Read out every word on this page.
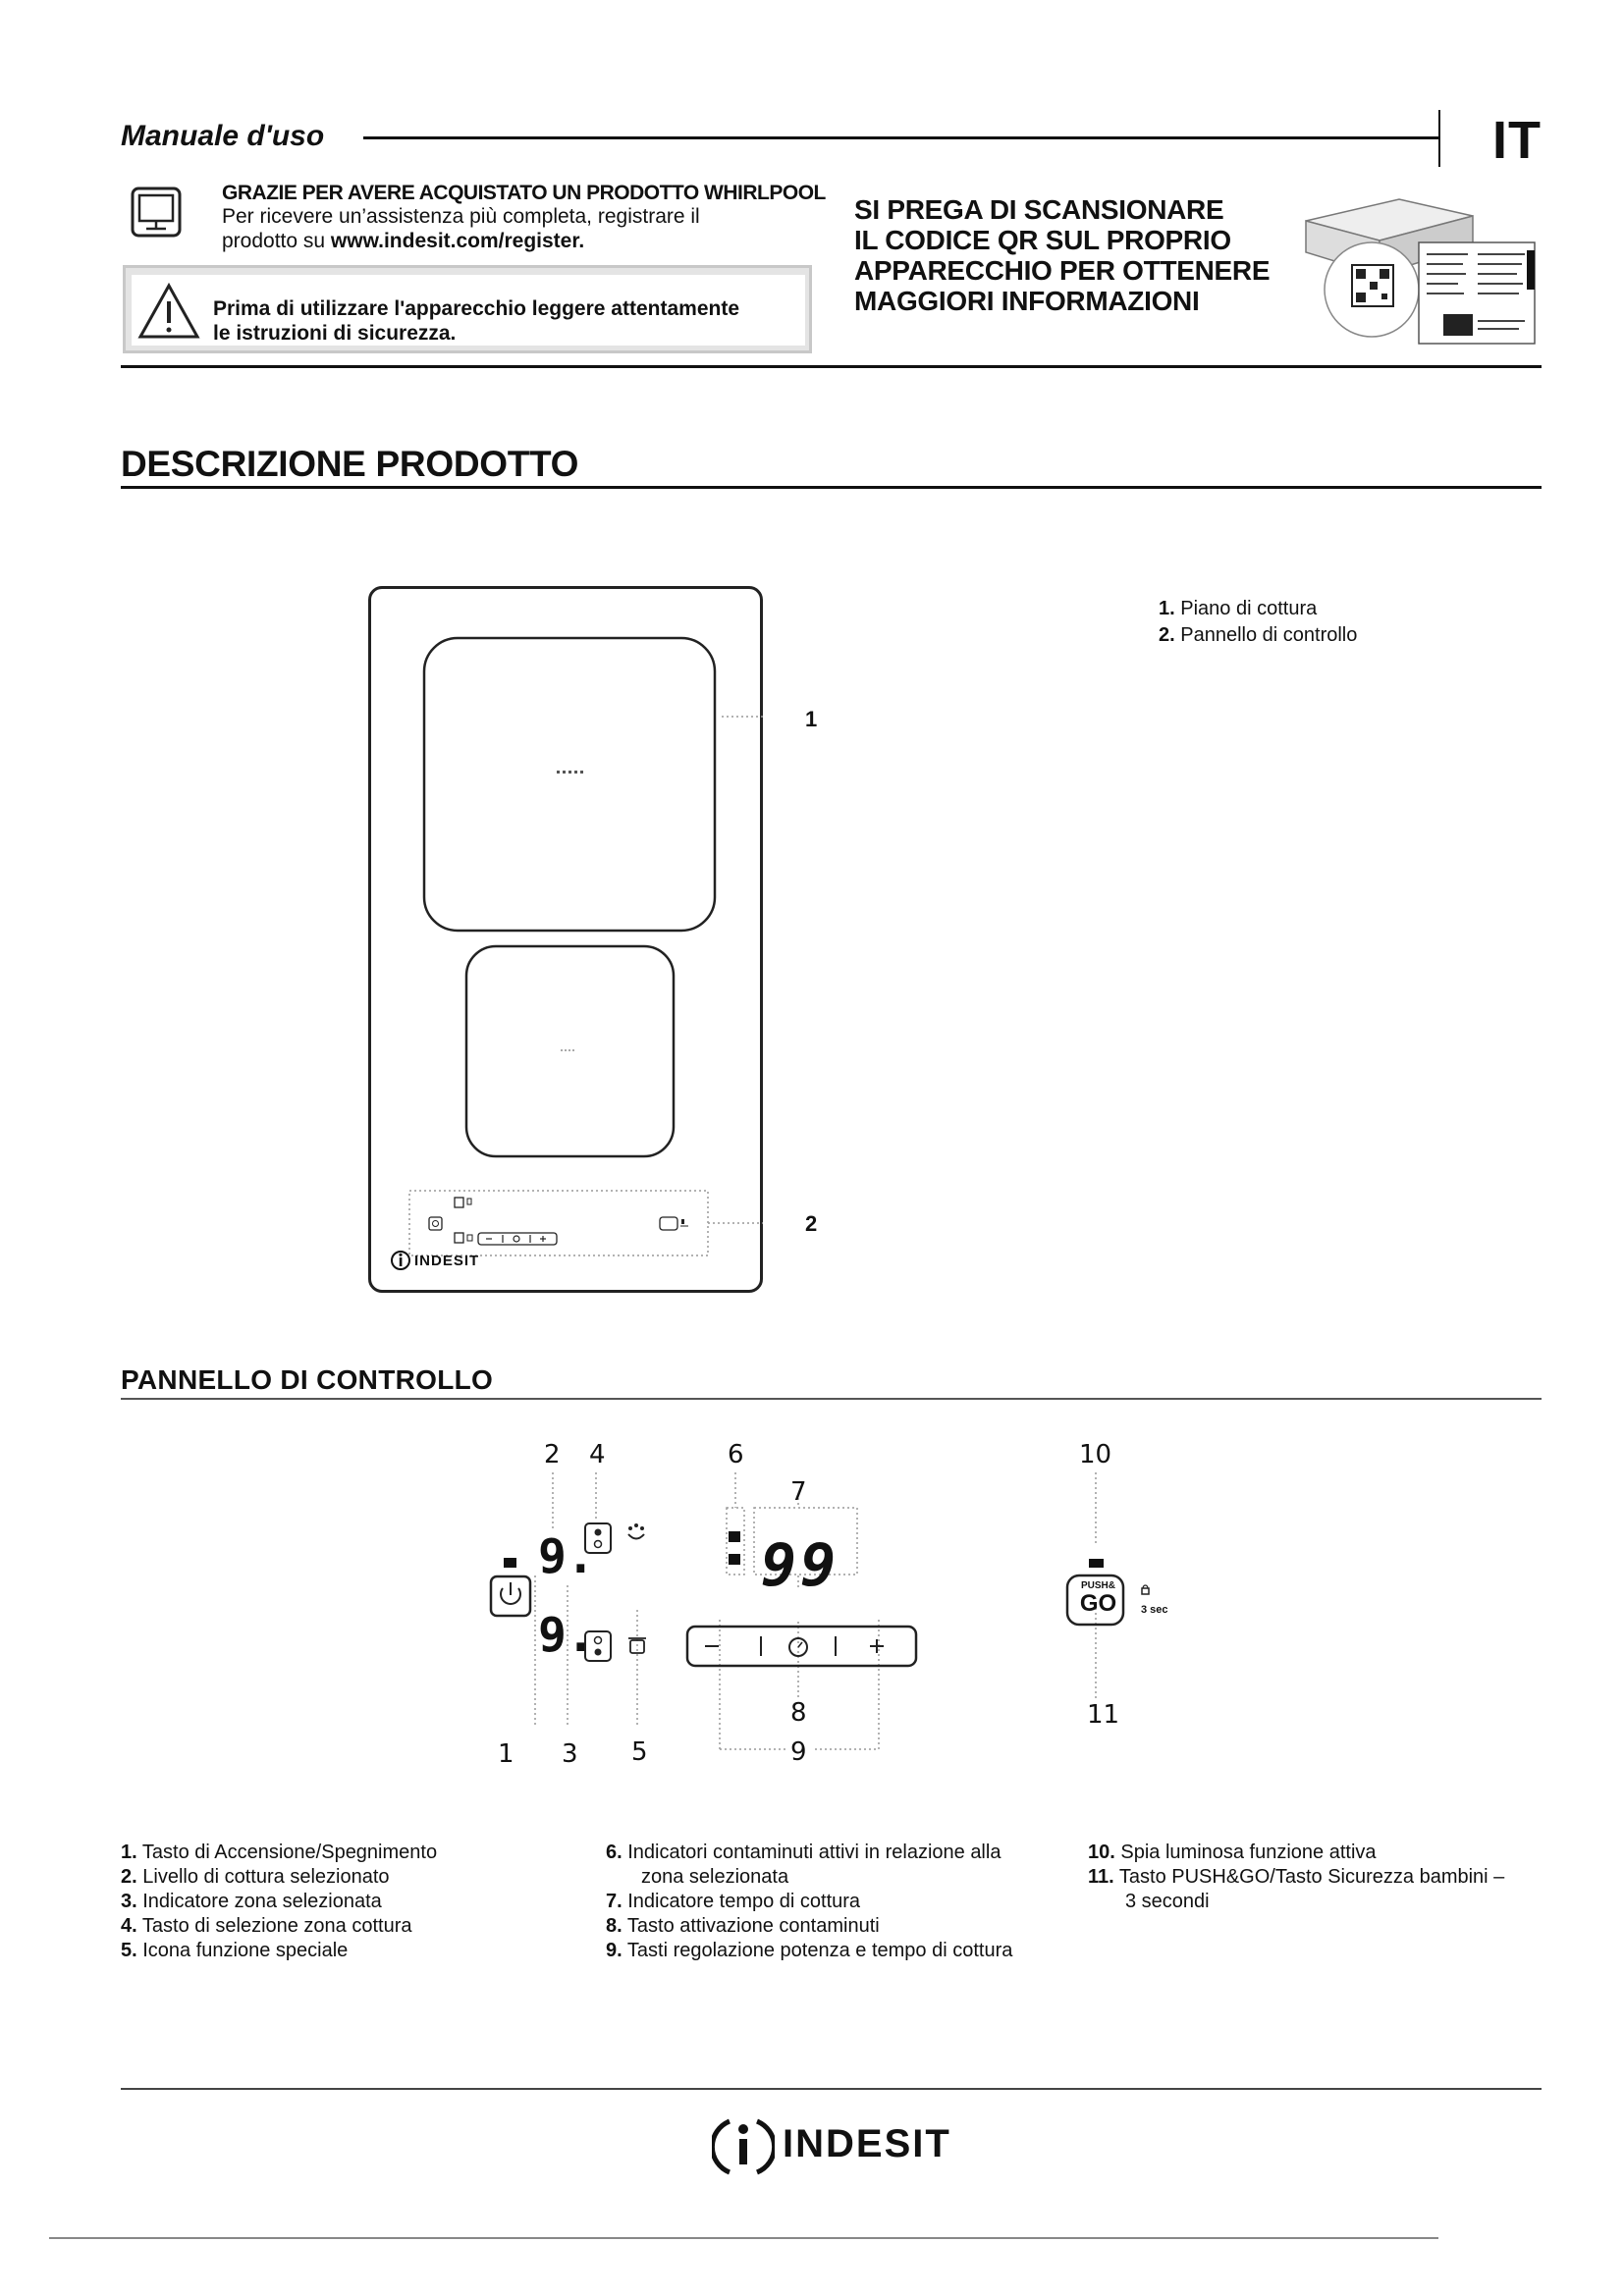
Manuale d'uso	IT
GRAZIE PER AVERE ACQUISTATO UN PRODOTTO WHIRLPOOL
Per ricevere un’assistenza più completa, registrare il
prodotto su www.indesit.com/register.
Prima di utilizzare l'apparecchio leggere attentamente
le istruzioni di sicurezza.
SI PREGA DI SCANSIONARE
IL CODICE QR SUL PROPRIO
APPARECCHIO PER OTTENERE
MAGGIORI INFORMAZIONI
DESCRIZIONE PRODOTTO
INDESIT
1
2
1. Piano di cottura
2. Pannello di controllo
PANNELLO DI CONTROLLO
9.
9.
99	PUSH&
GO	3 sec
2 4	6
7
10
8	11
1 3 5	9
1. Tasto di Accensione/Spegnimento
2. Livello di cottura selezionato
3. Indicatore zona selezionata
4. Tasto di selezione zona cottura
5. Icona funzione speciale
6. Indicatori contaminuti attivi in relazione alla
zona selezionata
7. Indicatore tempo di cottura
8. Tasto attivazione contaminuti
9. Tasti regolazione potenza e tempo di cottura
10. Spia luminosa funzione attiva
11. Tasto PUSH&GO/Tasto Sicurezza bambini –
3 secondi
INDESIT
